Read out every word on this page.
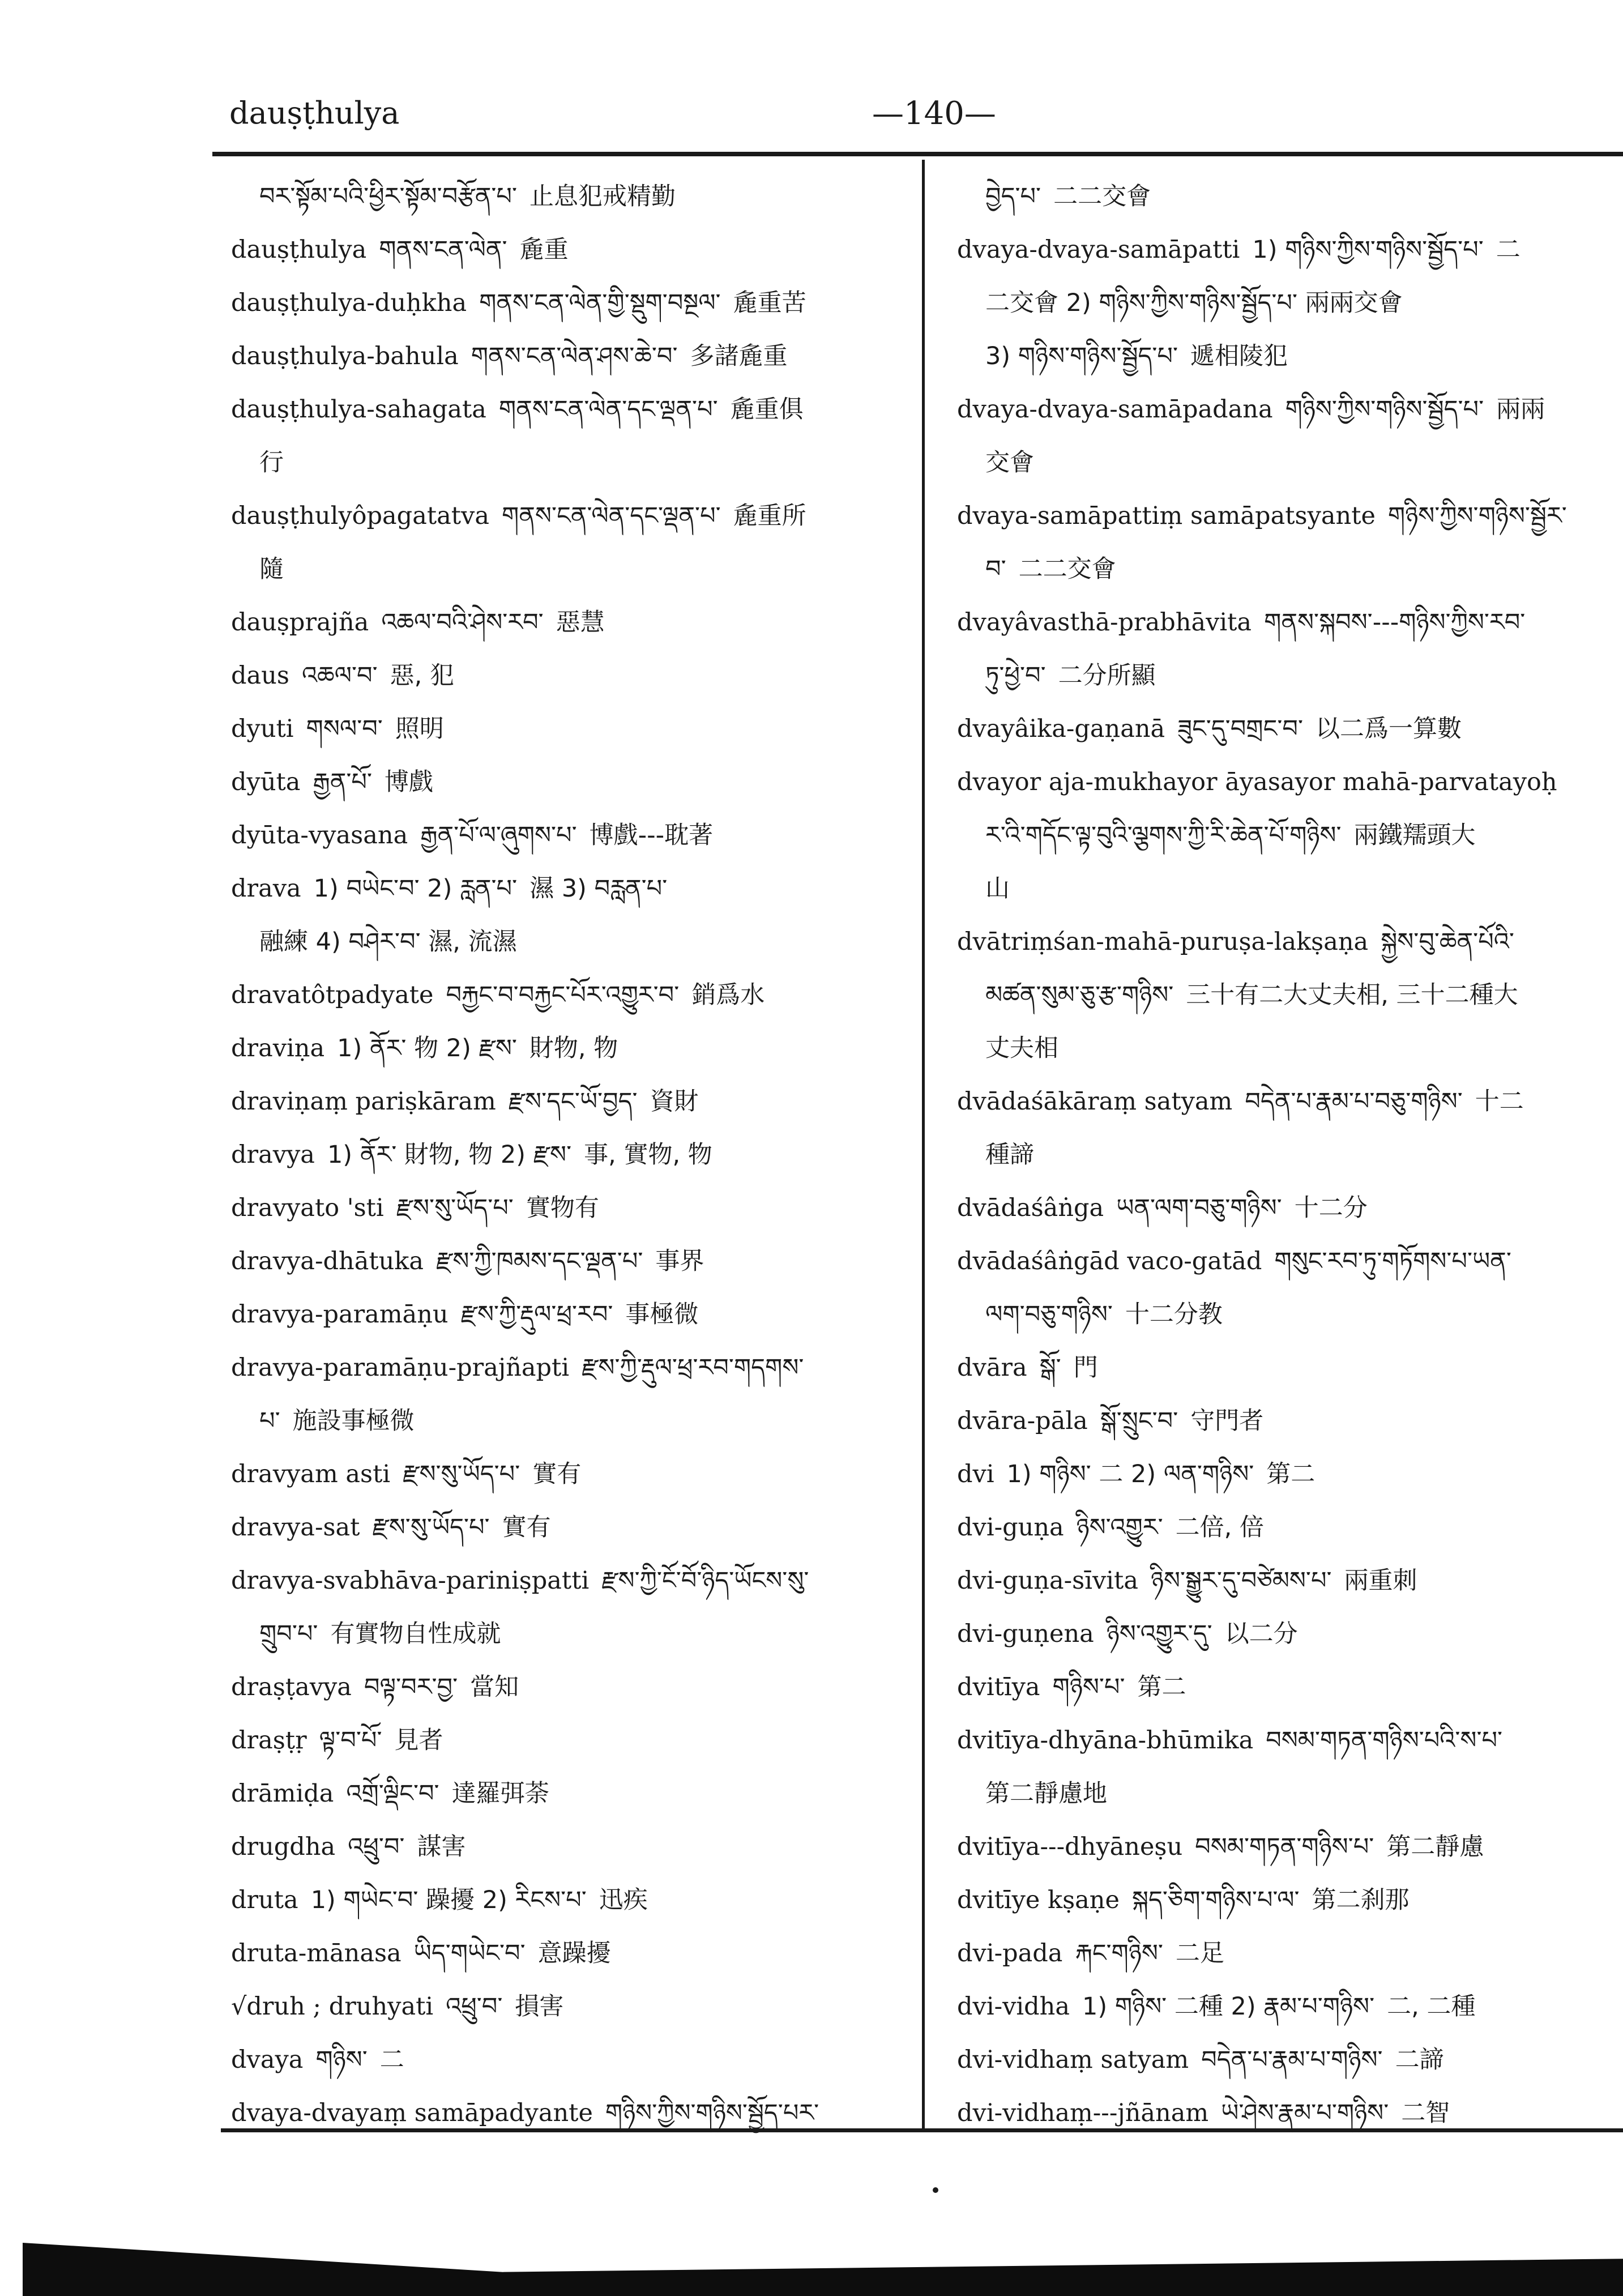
dauṣṭhulya	—140—
བར་སྟོམ་པའི་ཕྱིར་སྟོམ་བརྩོན་པ་ 止息犯戒精勤
dauṣṭhulya གནས་ངན་ལེན་ 麁重
dauṣṭhulya-duḥkha གནས་ངན་ལེན་གྱི་སྡུག་བསྔལ་ 麁重苦
dauṣṭhulya-bahula གནས་ངན་ལེན་ཤས་ཆེ་བ་ 多諸麁重
dauṣṭhulya-sahagata གནས་ངན་ལེན་དང་ལྡན་པ་ 麁重俱
行
dauṣṭhulyôpagatatva གནས་ངན་ལེན་དང་ལྡན་པ་ 麁重所
隨
dauṣprajña འཆལ་བའི་ཤེས་རབ་ 惡慧
daus འཆལ་བ་ 惡, 犯
dyuti གསལ་བ་ 照明
dyūta རྒྱན་པོ་ 博戲
dyūta-vyasana རྒྱན་པོ་ལ་ཞུགས་པ་ 博戲---耽著
drava 1) བཡེང་བ་ 2) རླན་པ་ 濕 3) བརླན་པ་
融練 4) བཤེར་བ་ 濕, 流濕
dravatôtpadyate བརྐྱང་བ་བརྐྱང་པོར་འགྱུར་བ་ 銷爲水
draviṇa 1) ནོར་ 物 2) རྫས་ 財物, 物
draviṇaṃ pariṣkāram རྫས་དང་ཡོ་བྱད་ 資財
dravya 1) ནོར་ 財物, 物 2) རྫས་ 事, 實物, 物
dravyato 'sti རྫས་སུ་ཡོད་པ་ 實物有
dravya-dhātuka རྫས་ཀྱི་ཁམས་དང་ལྡན་པ་ 事界
dravya-paramāṇu རྫས་ཀྱི་རྡུལ་ཕྲ་རབ་ 事極微
dravya-paramāṇu-prajñapti རྫས་ཀྱི་རྡུལ་ཕྲ་རབ་གདགས་
པ་ 施設事極微
dravyam asti རྫས་སུ་ཡོད་པ་ 實有
dravya-sat རྫས་སུ་ཡོད་པ་ 實有
dravya-svabhāva-pariniṣpatti རྫས་ཀྱི་ངོ་བོ་ཉིད་ཡོངས་སུ་
གྲུབ་པ་ 有實物自性成就
draṣṭavya བལྟ་བར་བྱ་ 當知
draṣṭṛ ལྟ་བ་པོ་ 見者
drāmiḍa འགྲོ་ལྡིང་བ་ 達羅弭荼
drugdha འཕྲུ་བ་ 謀害
druta 1) གཡེང་བ་ 躁擾 2) རིངས་པ་ 迅疾
druta-mānasa ཡིད་གཡེང་བ་ 意躁擾
√druh ; druhyati འཕྲུ་བ་ 損害
dvaya གཉིས་ 二
dvaya-dvayaṃ samāpadyante གཉིས་ཀྱིས་གཉིས་སྦྱོད་པར་
བྱེད་པ་ 二二交會
dvaya-dvaya-samāpatti 1) གཉིས་ཀྱིས་གཉིས་སྦྱོད་པ་ 二
二交會 2) གཉིས་ཀྱིས་གཉིས་སྦྱོད་པ་ 兩兩交會
3) གཉིས་གཉིས་སྦྱོད་པ་ 遞相陵犯
dvaya-dvaya-samāpadana གཉིས་ཀྱིས་གཉིས་སྦྱོད་པ་ 兩兩
交會
dvaya-samāpattiṃ samāpatsyante གཉིས་ཀྱིས་གཉིས་སྦྱོར་
བ་ 二二交會
dvayâvasthā-prabhāvita གནས་སྐབས་---གཉིས་ཀྱིས་རབ་
ཏུ་ཕྱེ་བ་ 二分所顯
dvayâika-gaṇanā ཟུང་དུ་བགྲང་བ་ 以二爲一算數
dvayor aja-mukhayor āyasayor mahā-parvatayoḥ
ར་འི་གདོང་ལྟ་བུའི་ལྕགས་ཀྱི་རི་ཆེན་པོ་གཉིས་ 兩鐵羺頭大
山
dvātriṃśan-mahā-puruṣa-lakṣaṇa སྐྱེས་བུ་ཆེན་པོའི་
མཚན་སུམ་ཅུ་རྩ་གཉིས་ 三十有二大丈夫相, 三十二種大
丈夫相
dvādaśākāraṃ satyam བདེན་པ་རྣམ་པ་བཅུ་གཉིས་ 十二
種諦
dvādaśâṅga ཡན་ལག་བཅུ་གཉིས་ 十二分
dvādaśâṅgād vaco-gatād གསུང་རབ་ཏུ་གཏོགས་པ་ཡན་
ལག་བཅུ་གཉིས་ 十二分教
dvāra སྒོ་ 門
dvāra-pāla སྒོ་སྲུང་བ་ 守門者
dvi 1) གཉིས་ 二 2) ལན་གཉིས་ 第二
dvi-guṇa ཉིས་འགྱུར་ 二倍, 倍
dvi-guṇa-sīvita ཉིས་སྒྱུར་དུ་བཙེམས་པ་ 兩重刺
dvi-guṇena ཉིས་འགྱུར་དུ་ 以二分
dvitīya གཉིས་པ་ 第二
dvitīya-dhyāna-bhūmika བསམ་གཏན་གཉིས་པའི་ས་པ་
第二靜慮地
dvitīya---dhyāneṣu བསམ་གཏན་གཉིས་པ་ 第二靜慮
dvitīye kṣaṇe སྐད་ཅིག་གཉིས་པ་ལ་ 第二刹那
dvi-pada རྐང་གཉིས་ 二足
dvi-vidha 1) གཉིས་ 二種 2) རྣམ་པ་གཉིས་ 二, 二種
dvi-vidhaṃ satyam བདེན་པ་རྣམ་པ་གཉིས་ 二諦
dvi-vidhaṃ---jñānam ཡེ་ཤེས་རྣམ་པ་གཉིས་ 二智
